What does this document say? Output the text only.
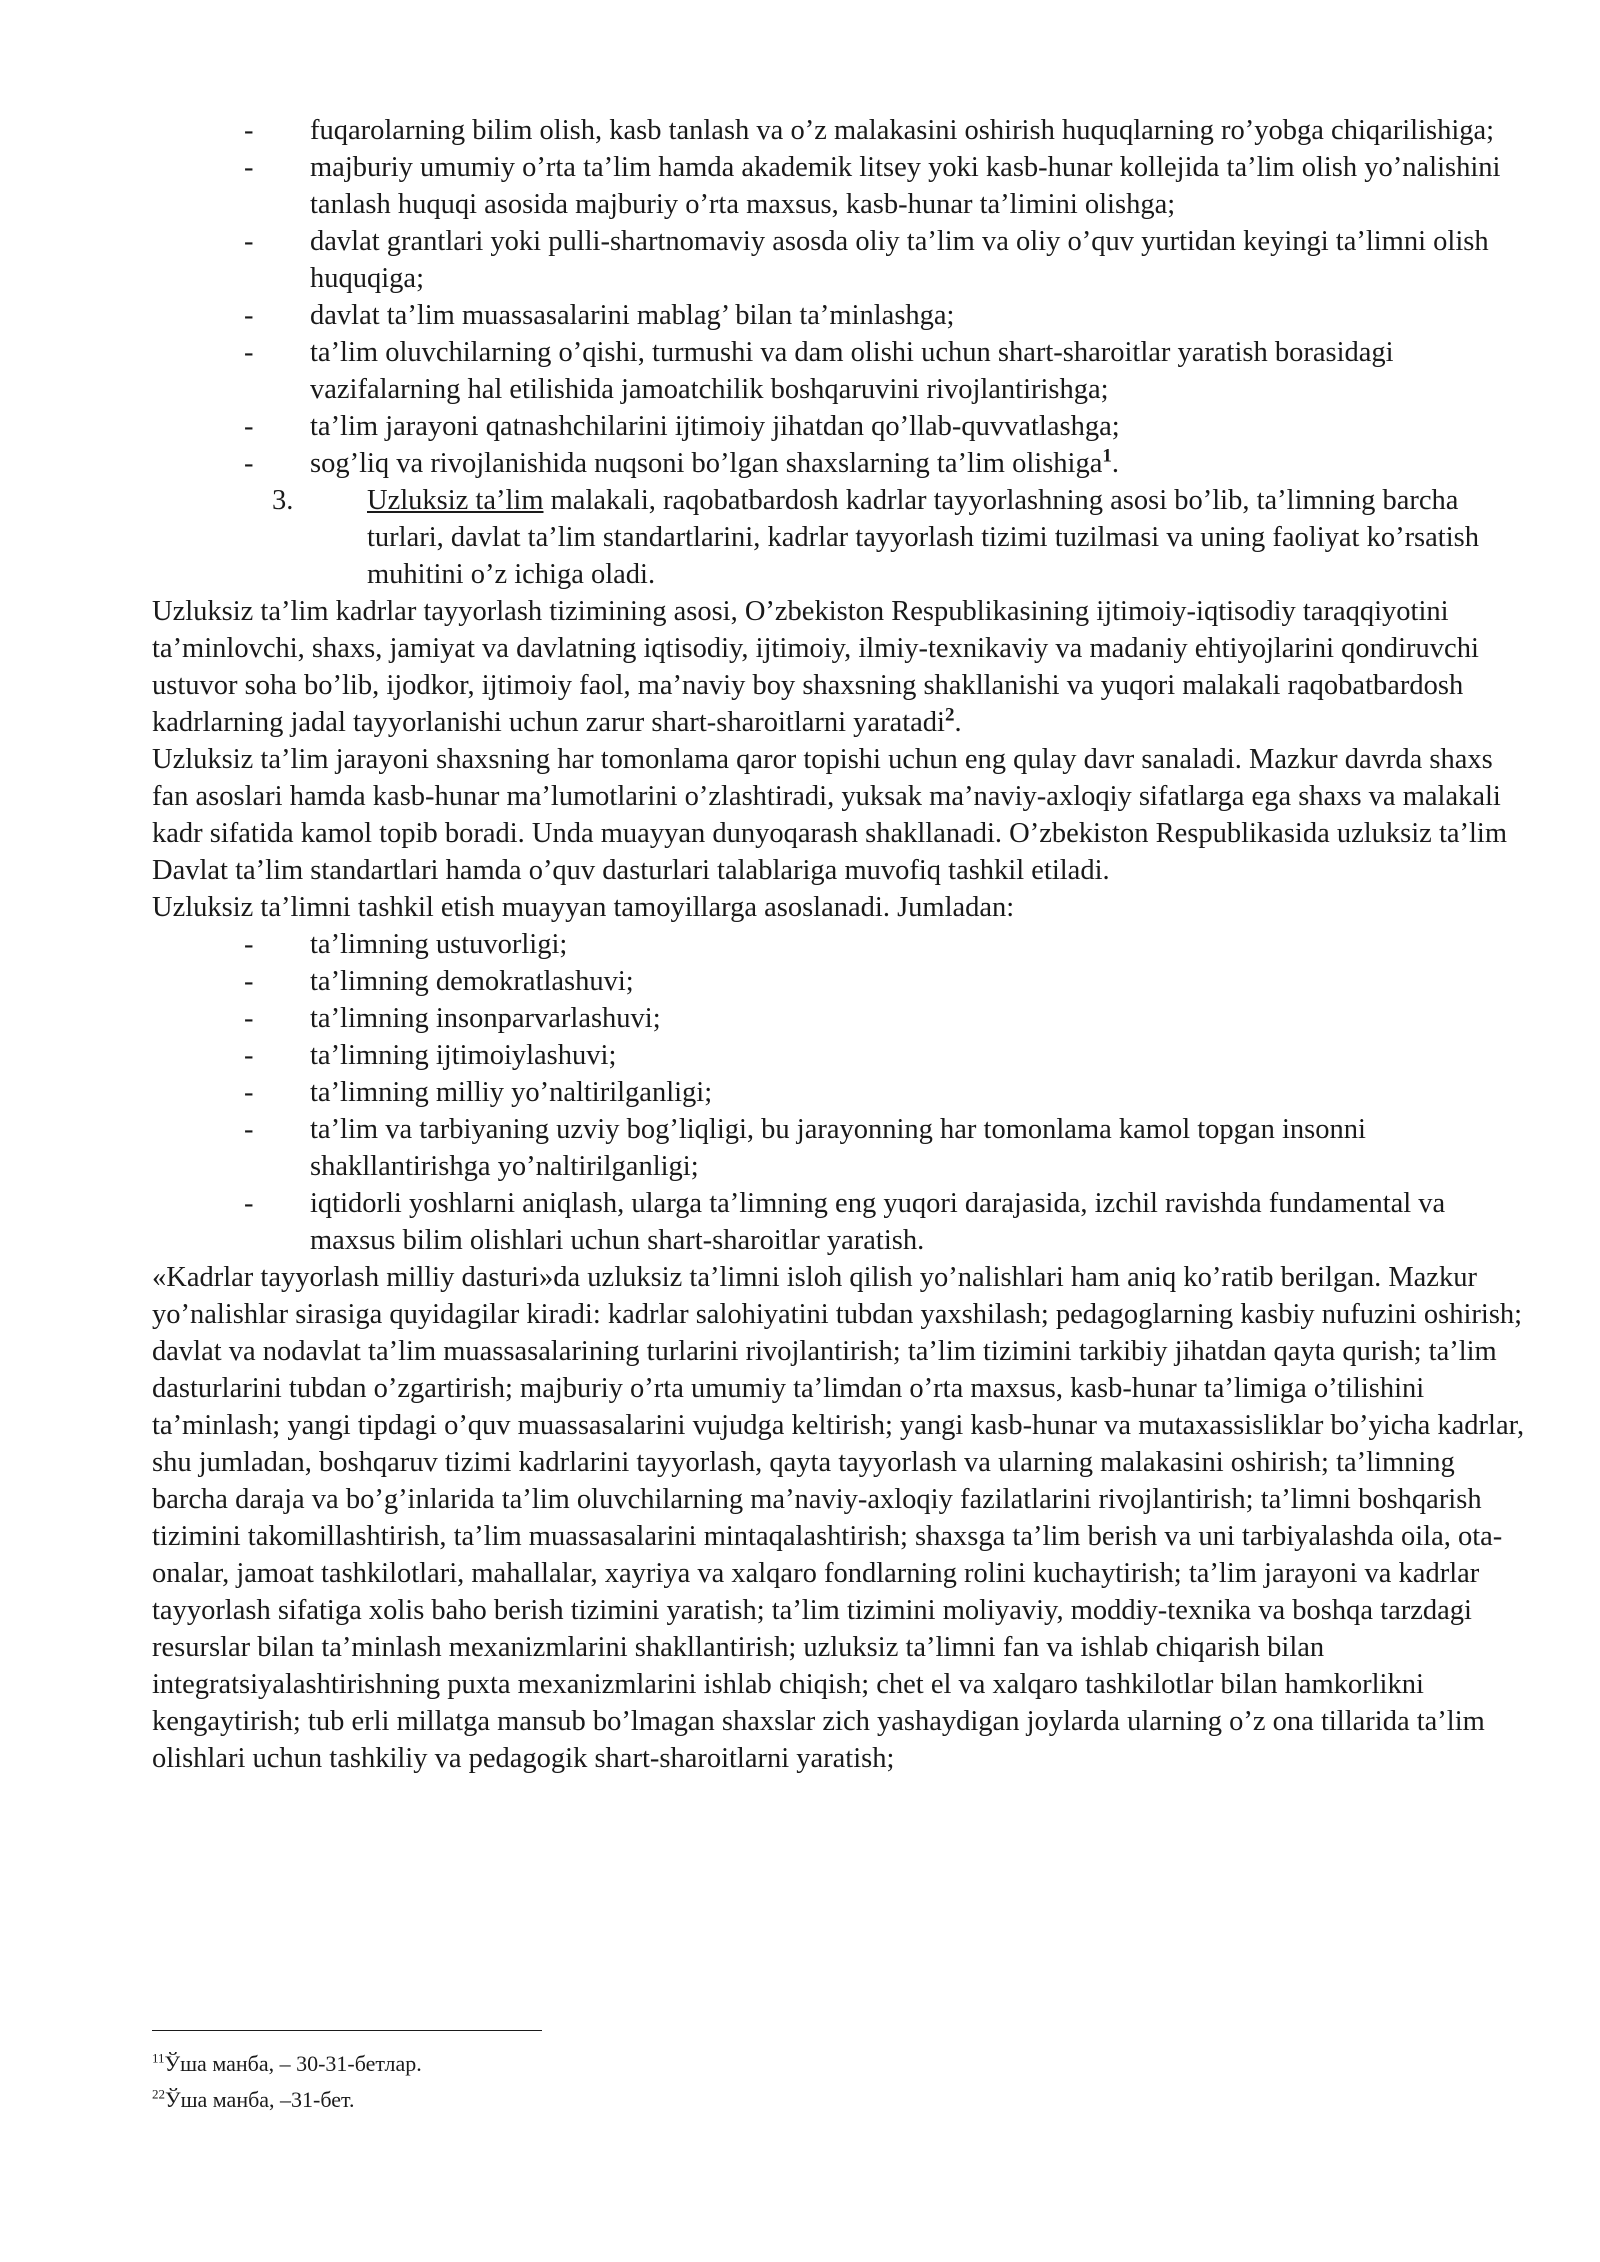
- fuqarolarning bilim olish, kasb tanlash va o’z malakasini oshirish huquqlarning ro’yobga chiqarilishiga;
- majburiy umumiy o’rta ta’lim hamda akademik litsey yoki kasb-hunar kollejida ta’lim olish yo’nalishini tanlash huquqi asosida majburiy o’rta maxsus, kasb-hunar ta’limini olishga;
- davlat grantlari yoki pulli-shartnomaviy asosda oliy ta’lim va oliy o’quv yurtidan keyingi ta’limni olish huquqiga;
- davlat ta’lim muassasalarini mablag’ bilan ta’minlashga;
- ta’lim oluvchilarning o’qishi, turmushi va dam olishi uchun shart-sharoitlar yaratish borasidagi vazifalarning hal etilishida jamoatchilik boshqaruvini rivojlantirishga;
- ta’lim jarayoni qatnashchilarini ijtimoiy jihatdan qo’llab-quvvatlashga;
- sog’liq va rivojlanishida nuqsoni bo’lgan shaxslarning ta’lim olishiga$^1$.
3.	Uzluksiz ta’lim malakali, raqobatbardosh kadrlar tayyorlashning asosi bo’lib, ta’limning barcha turlari, davlat ta’lim standartlarini, kadrlar tayyorlash tizimi tuzilmasi va uning faoliyat ko’rsatish muhitini o’z ichiga oladi.

Uzluksiz ta’lim kadrlar tayyorlash tizimining asosi, O’zbekiston Respublikasining ijtimoiy-iqtisodiy taraqqiyotini ta’minlovchi, shaxs, jamiyat va davlatning iqtisodiy, ijtimoiy, ilmiy-texnikaviy va madaniy ehtiyojlarini qondiruvchi ustuvor soha bo’lib, ijodkor, ijtimoiy faol, ma’naviy boy shaxsning shakllanishi va yuqori malakali raqobatbardosh kadrlarning jadal tayyorlanishi uchun zarur shart-sharoitlarni yaratadi$^2$.

Uzluksiz ta’lim jarayoni shaxsning har tomonlama qaror topishi uchun eng qulay davr sanaladi. Mazkur davrda shaxs fan asoslari hamda kasb-hunar ma’lumotlarini o’zlashtiradi, yuksak ma’naviy-axloqiy sifatlarga ega shaxs va malakali kadr sifatida kamol topib boradi. Unda muayyan dunyoqarash shakllanadi. O’zbekiston Respublikasida uzluksiz ta’lim Davlat ta’lim standartlari hamda o’quv dasturlari talablariga muvofiq tashkil etiladi.

Uzluksiz ta’limni tashkil etish muayyan tamoyillarga asoslanadi. Jumladan:

- ta’limning ustuvorligi;
- ta’limning demokratlashuvi;
- ta’limning insonparvarlashuvi;
- ta’limning ijtimoiylashuvi;
- ta’limning milliy yo’naltirilganligi;
- ta’lim va tarbiyaning uzviy bog’liqligi, bu jarayonning har tomonlama kamol topgan insonni shakllantirishga yo’naltirilganligi;
- iqtidorli yoshlarni aniqlash, ularga ta’limning eng yuqori darajasida, izchil ravishda fundamental va maxsus bilim olishlari uchun shart-sharoitlar yaratish.

«Kadrlar tayyorlash milliy dasturi»da uzluksiz ta’limni isloh qilish yo’nalishlari ham aniq ko’ratib berilgan. Mazkur yo’nalishlar sirasiga quyidagilar kiradi: kadrlar salohiyatini tubdan yaxshilash; pedagoglarning kasbiy nufuzini oshirish; davlat va nodavlat ta’lim muassasalarining turlarini rivojlantirish; ta’lim tizimini tarkibiy jihatdan qayta qurish; ta’lim dasturlarini tubdan o’zgartirish; majburiy o’rta umumiy ta’limdan o’rta maxsus, kasb-hunar ta’limiga o’tilishini ta’minlash; yangi tipdagi o’quv muassasalarini vujudga keltirish; yangi kasb-hunar va mutaxassisliklar bo’yicha kadrlar, shu jumladan, boshqaruv tizimi kadrlarini tayyorlash, qayta tayyorlash va ularning malakasini oshirish; ta’limning barcha daraja va bo’g’inlarida ta’lim oluvchilarning ma’naviy-axloqiy fazilatlarini rivojlantirish; ta’limni boshqarish tizimini takomillashtirish, ta’lim muassasalarini mintaqalashtirish; shaxsga ta’lim berish va uni tarbiyalashda oila, ota-onalar, jamoat tashkilotlari, mahallalar, xayriya va xalqaro fondlarning rolini kuchaytirish; ta’lim jarayoni va kadrlar tayyorlash sifatiga xolis baho berish tizimini yaratish; ta’lim tizimini moliyaviy, moddiy-texnika va boshqa tarzdagi resurslar bilan ta’minlash mexanizmlarini shakllantirish; uzluksiz ta’limni fan va ishlab chiqarish bilan integratsiyalashtirishning puxta mexanizmlarini ishlab chiqish; chet el va xalqaro tashkilotlar bilan hamkorlikni kengaytirish; tub erli millatga mansub bo’lmagan shaxslar zich yashaydigan joylarda ularning o’z ona tillarida ta’lim olishlari uchun tashkiliy va pedagogik shart-sharoitlarni yaratish;

$^{11}$Ўша манба, – 30-31-бетлар.
$^{22}$Ўша манба, –31-бет.
